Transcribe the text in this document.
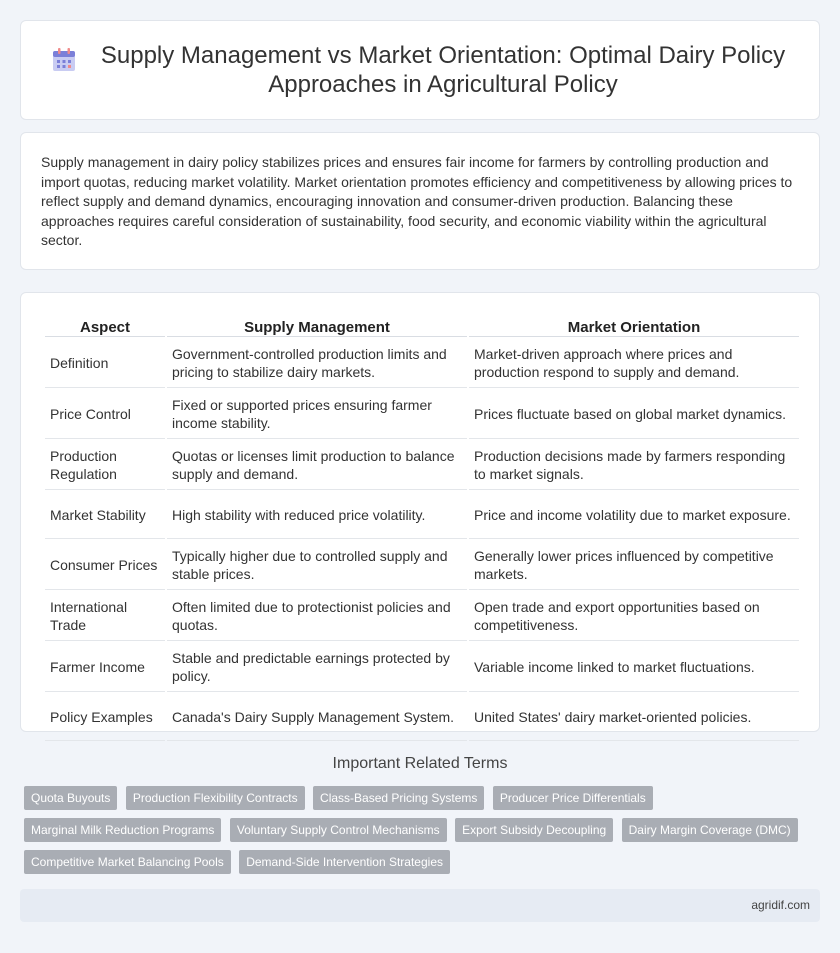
Supply Management vs Market Orientation: Optimal Dairy Policy Approaches in Agricultural Policy

Supply management in dairy policy stabilizes prices and ensures fair income for farmers by controlling production and import quotas, reducing market volatility. Market orientation promotes efficiency and competitiveness by allowing prices to reflect supply and demand dynamics, encouraging innovation and consumer-driven production. Balancing these approaches requires careful consideration of sustainability, food security, and economic viability within the agricultural sector.

Aspect	Supply Management	Market Orientation
Definition	Government-controlled production limits and pricing to stabilize dairy markets.	Market-driven approach where prices and production respond to supply and demand.
Price Control	Fixed or supported prices ensuring farmer income stability.	Prices fluctuate based on global market dynamics.
Production Regulation	Quotas or licenses limit production to balance supply and demand.	Production decisions made by farmers responding to market signals.
Market Stability	High stability with reduced price volatility.	Price and income volatility due to market exposure.
Consumer Prices	Typically higher due to controlled supply and stable prices.	Generally lower prices influenced by competitive markets.
International Trade	Often limited due to protectionist policies and quotas.	Open trade and export opportunities based on competitiveness.
Farmer Income	Stable and predictable earnings protected by policy.	Variable income linked to market fluctuations.
Policy Examples	Canada's Dairy Supply Management System.	United States' dairy market-oriented policies.
Important Related Terms
Quota Buyouts Production Flexibility Contracts Class-Based Pricing Systems Producer Price Differentials Marginal Milk Reduction Programs Voluntary Supply Control Mechanisms Export Subsidy Decoupling Dairy Margin Coverage (DMC) Competitive Market Balancing Pools Demand-Side Intervention Strategies
agridif.com
